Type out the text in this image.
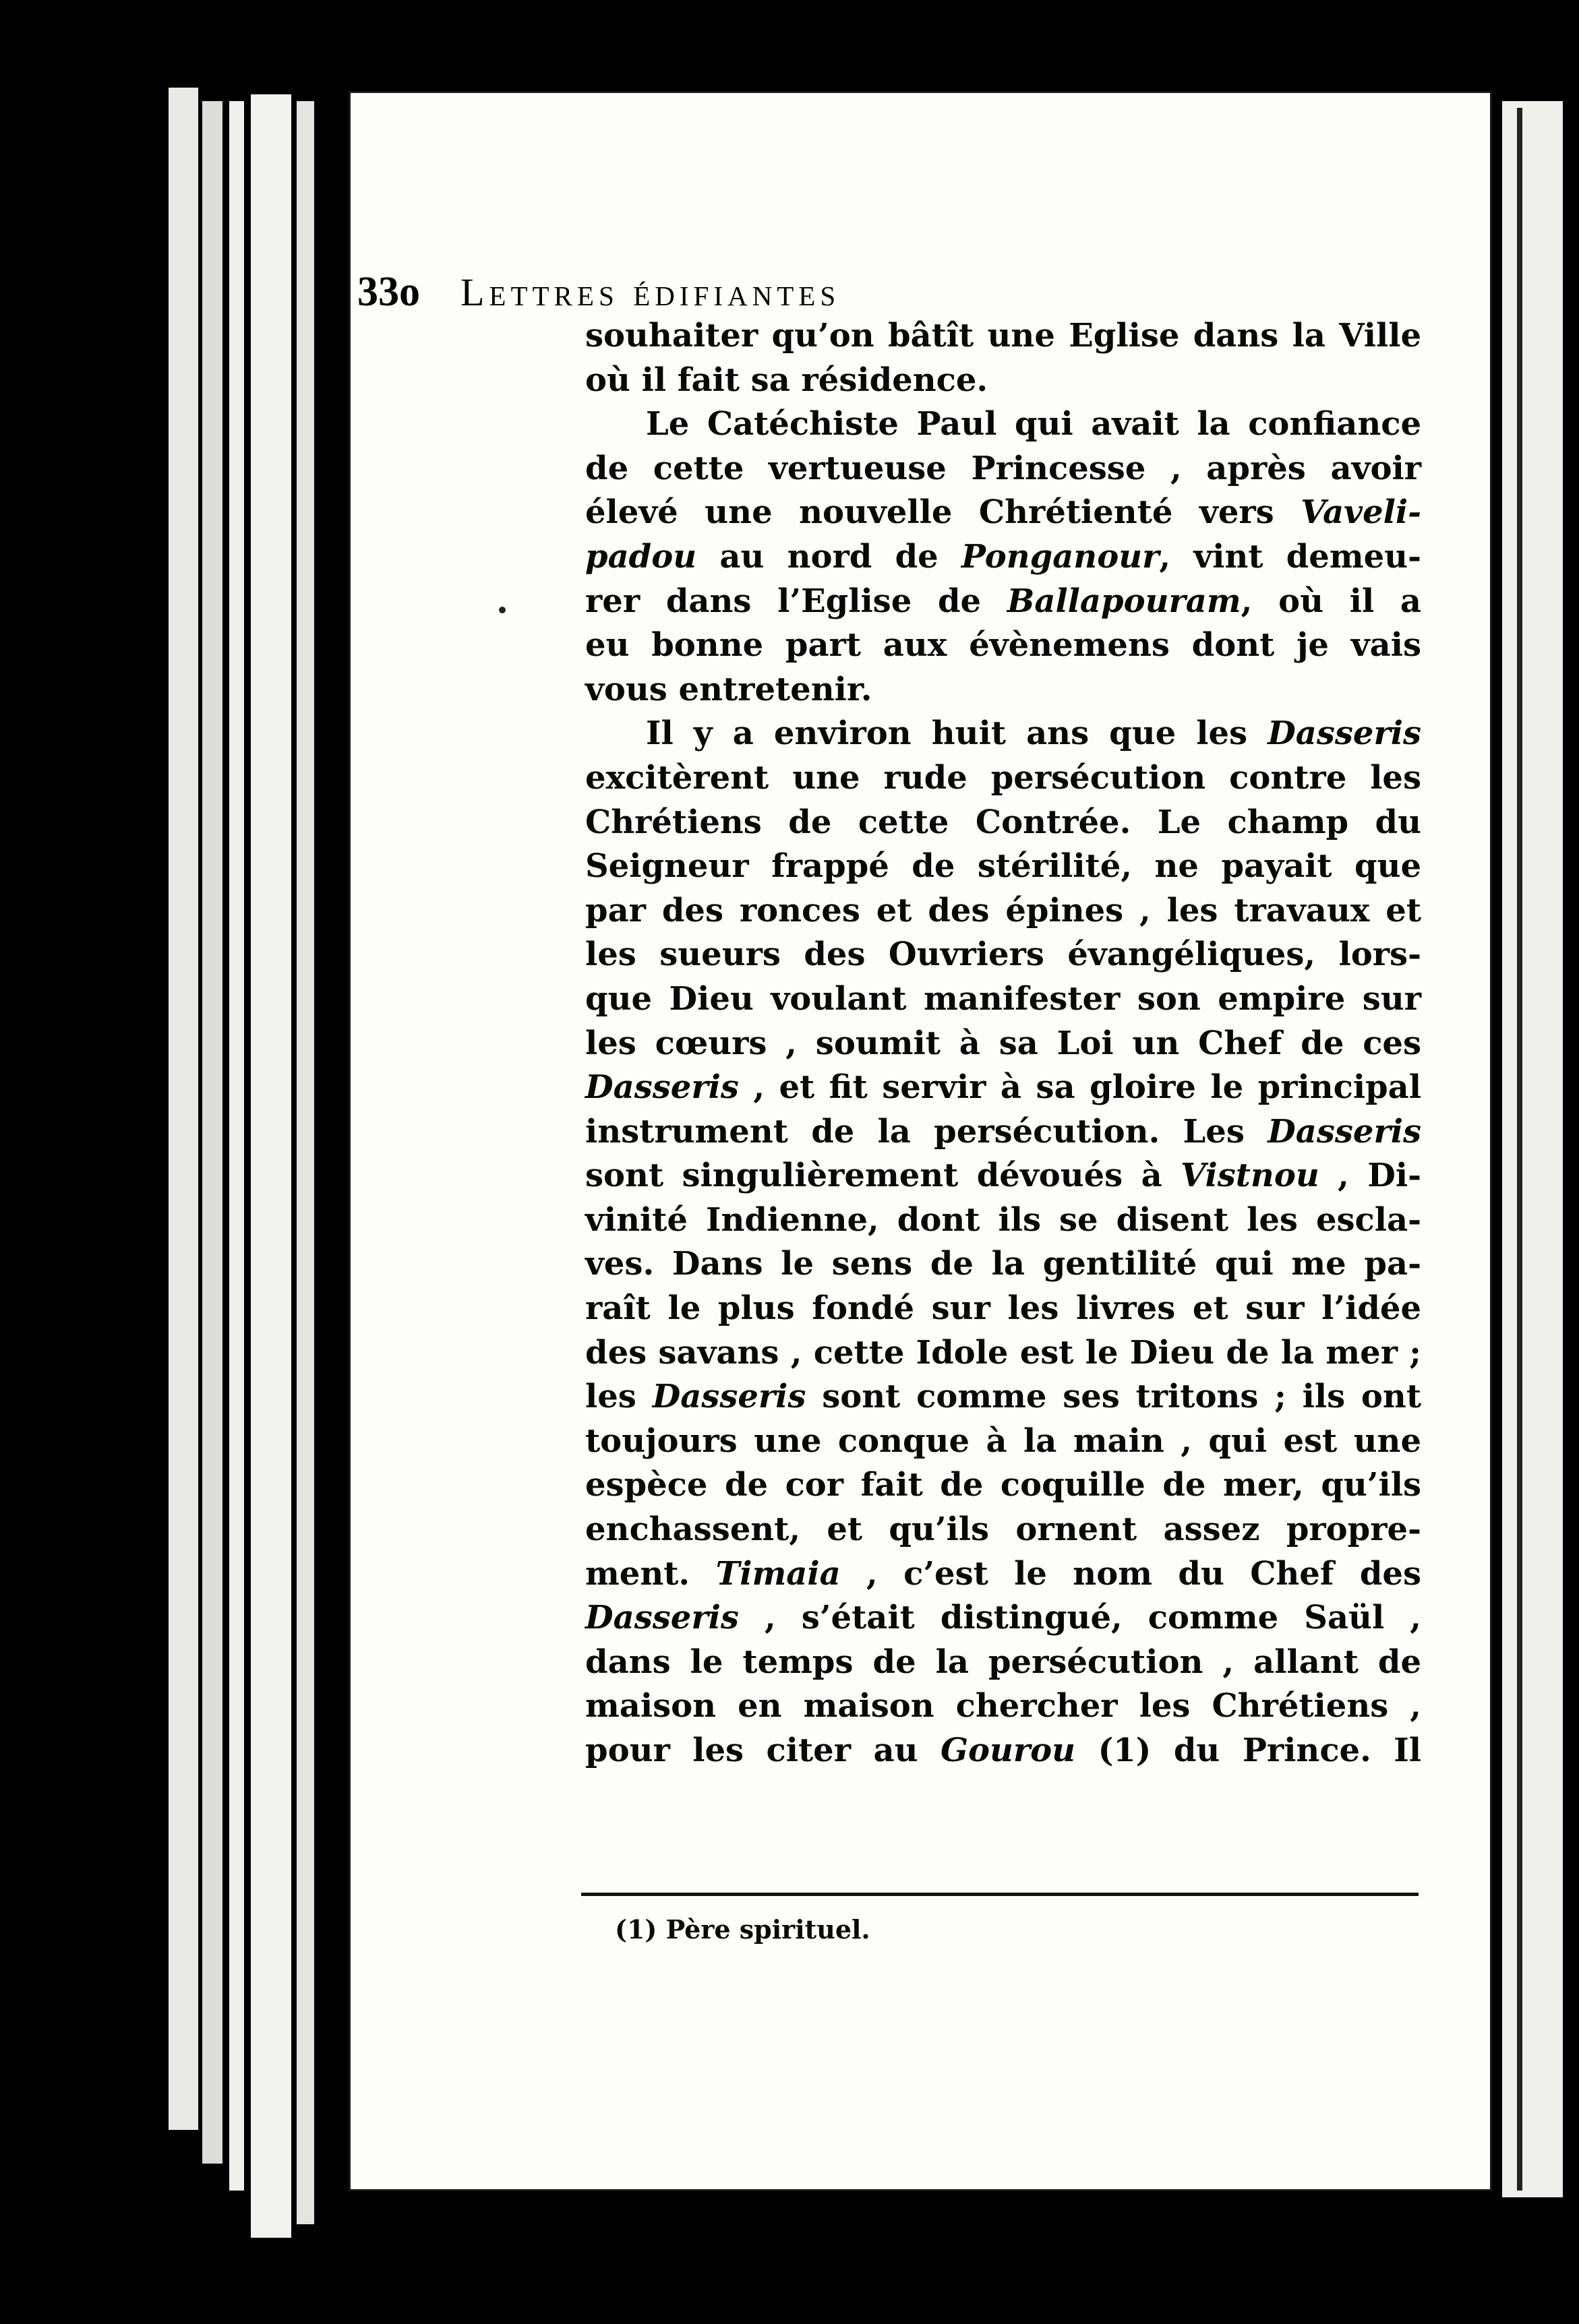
33o Lettres édifiantes
souhaiter qu’on bâtît une Eglise dans la Ville
où il fait sa résidence.
Le Catéchiste Paul qui avait la confiance
de cette vertueuse Princesse , après avoir
élevé une nouvelle Chrétienté vers Vaveli-
padou au nord de Ponganour, vint demeu-
rer dans l’Eglise de Ballapouram, où il a
eu bonne part aux évènemens dont je vais
vous entretenir.
Il y a environ huit ans que les Dasseris
excitèrent une rude persécution contre les
Chrétiens de cette Contrée. Le champ du
Seigneur frappé de stérilité, ne payait que
par des ronces et des épines , les travaux et
les sueurs des Ouvriers évangéliques, lors-
que Dieu voulant manifester son empire sur
les cœurs , soumit à sa Loi un Chef de ces
Dasseris , et fit servir à sa gloire le principal
instrument de la persécution. Les Dasseris
sont singulièrement dévoués à Vistnou , Di-
vinité Indienne, dont ils se disent les escla-
ves. Dans le sens de la gentilité qui me pa-
raît le plus fondé sur les livres et sur l’idée
des savans , cette Idole est le Dieu de la mer ;
les Dasseris sont comme ses tritons ; ils ont
toujours une conque à la main , qui est une
espèce de cor fait de coquille de mer, qu’ils
enchassent, et qu’ils ornent assez propre-
ment. Timaia , c’est le nom du Chef des
Dasseris , s’était distingué, comme Saül ,
dans le temps de la persécution , allant de
maison en maison chercher les Chrétiens ,
pour les citer au Gourou (1) du Prince. Il
(1) Père spirituel.
